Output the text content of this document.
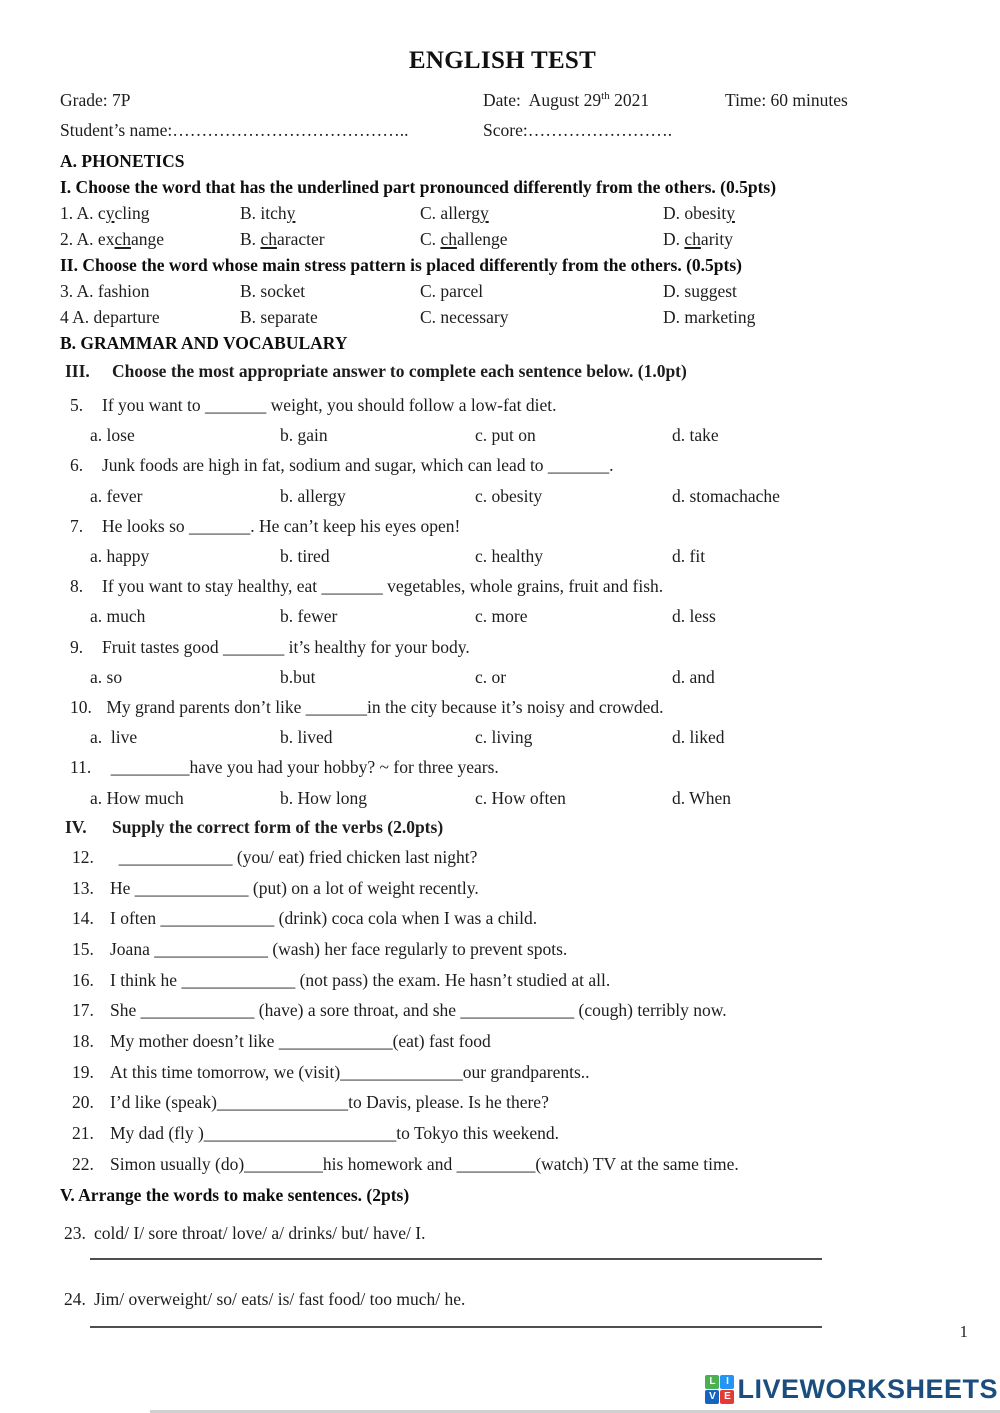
ENGLISH TEST
Grade: 7P	Date:  August 29th 2021	Time: 60 minutes
Student’s name:…………………………………..	Score:…………………….
A. PHONETICS
I. Choose the word that has the underlined part pronounced differently from the others. (0.5pts)
1. A. cycling	B. itchy	C. allergy	D. obesity
2. A. exchange	B. character	C. challenge	D. charity
II. Choose the word whose main stress pattern is placed differently from the others. (0.5pts)
3. A. fashion	B. socket	C. parcel	D. suggest
4 A. departure	B. separate	C. necessary	D. marketing
B. GRAMMAR AND VOCABULARY
III.	Choose the most appropriate answer to complete each sentence below. (1.0pt)
5.	If you want to _______ weight, you should follow a low-fat diet.
a. lose	b. gain	c. put on	d. take
6.	Junk foods are high in fat, sodium and sugar, which can lead to _______.
a. fever	b. allergy	c. obesity	d. stomachache
7.	He looks so _______. He can’t keep his eyes open!
a. happy	b. tired	c. healthy	d. fit
8.	If you want to stay healthy, eat _______ vegetables, whole grains, fruit and fish.
a. much	b. fewer	c. more	d. less
9.	Fruit tastes good _______ it’s healthy for your body.
a. so	b.but	c. or	d. and
10. My grand parents don’t like _______in the city because it’s noisy and crowded.
a.  live	b. lived	c. living	d. liked
11. _________have you had your hobby? ~ for three years.
a. How much	b. How long	c. How often	d. When
IV.	Supply the correct form of the verbs (2.0pts)
12. _____________ (you/ eat) fried chicken last night?
13. He _____________ (put) on a lot of weight recently.
14. I often _____________ (drink) coca cola when I was a child.
15. Joana _____________ (wash) her face regularly to prevent spots.
16. I think he _____________ (not pass) the exam. He hasn’t studied at all.
17. She _____________ (have) a sore throat, and she _____________ (cough) terribly now.
18. My mother doesn’t like _____________(eat) fast food
19. At this time tomorrow, we (visit)______________our grandparents..
20. I’d like (speak)_______________to Davis, please. Is he there?
21. My dad (fly )______________________to Tokyo this weekend.
22. Simon usually (do)_________his homework and _________(watch) TV at the same time.
V. Arrange the words to make sentences. (2pts)
23. cold/ I/ sore throat/ love/ a/ drinks/ but/ have/ I.
24. Jim/ overweight/ so/ eats/ is/ fast food/ too much/ he.
1
L	I
V E LIVEWORKSHEETS
